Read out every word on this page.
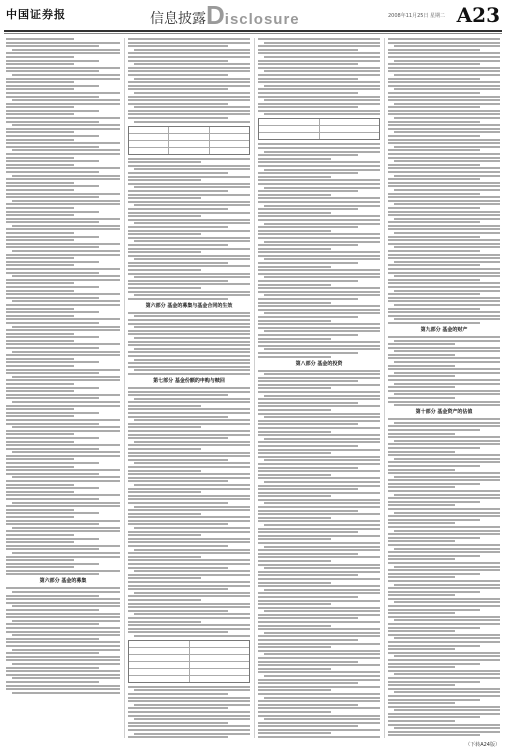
中国证券报	信息披露 Disclosure	2008年11月25日 星期二 A23
第六部分 基金的募集
第六部分 基金的募集与基金合同的生效
第七部分 基金份额的申购与赎回
第八部分 基金的投资
第九部分 基金的财产
第十部分 基金资产的估值
（下转A24版）
